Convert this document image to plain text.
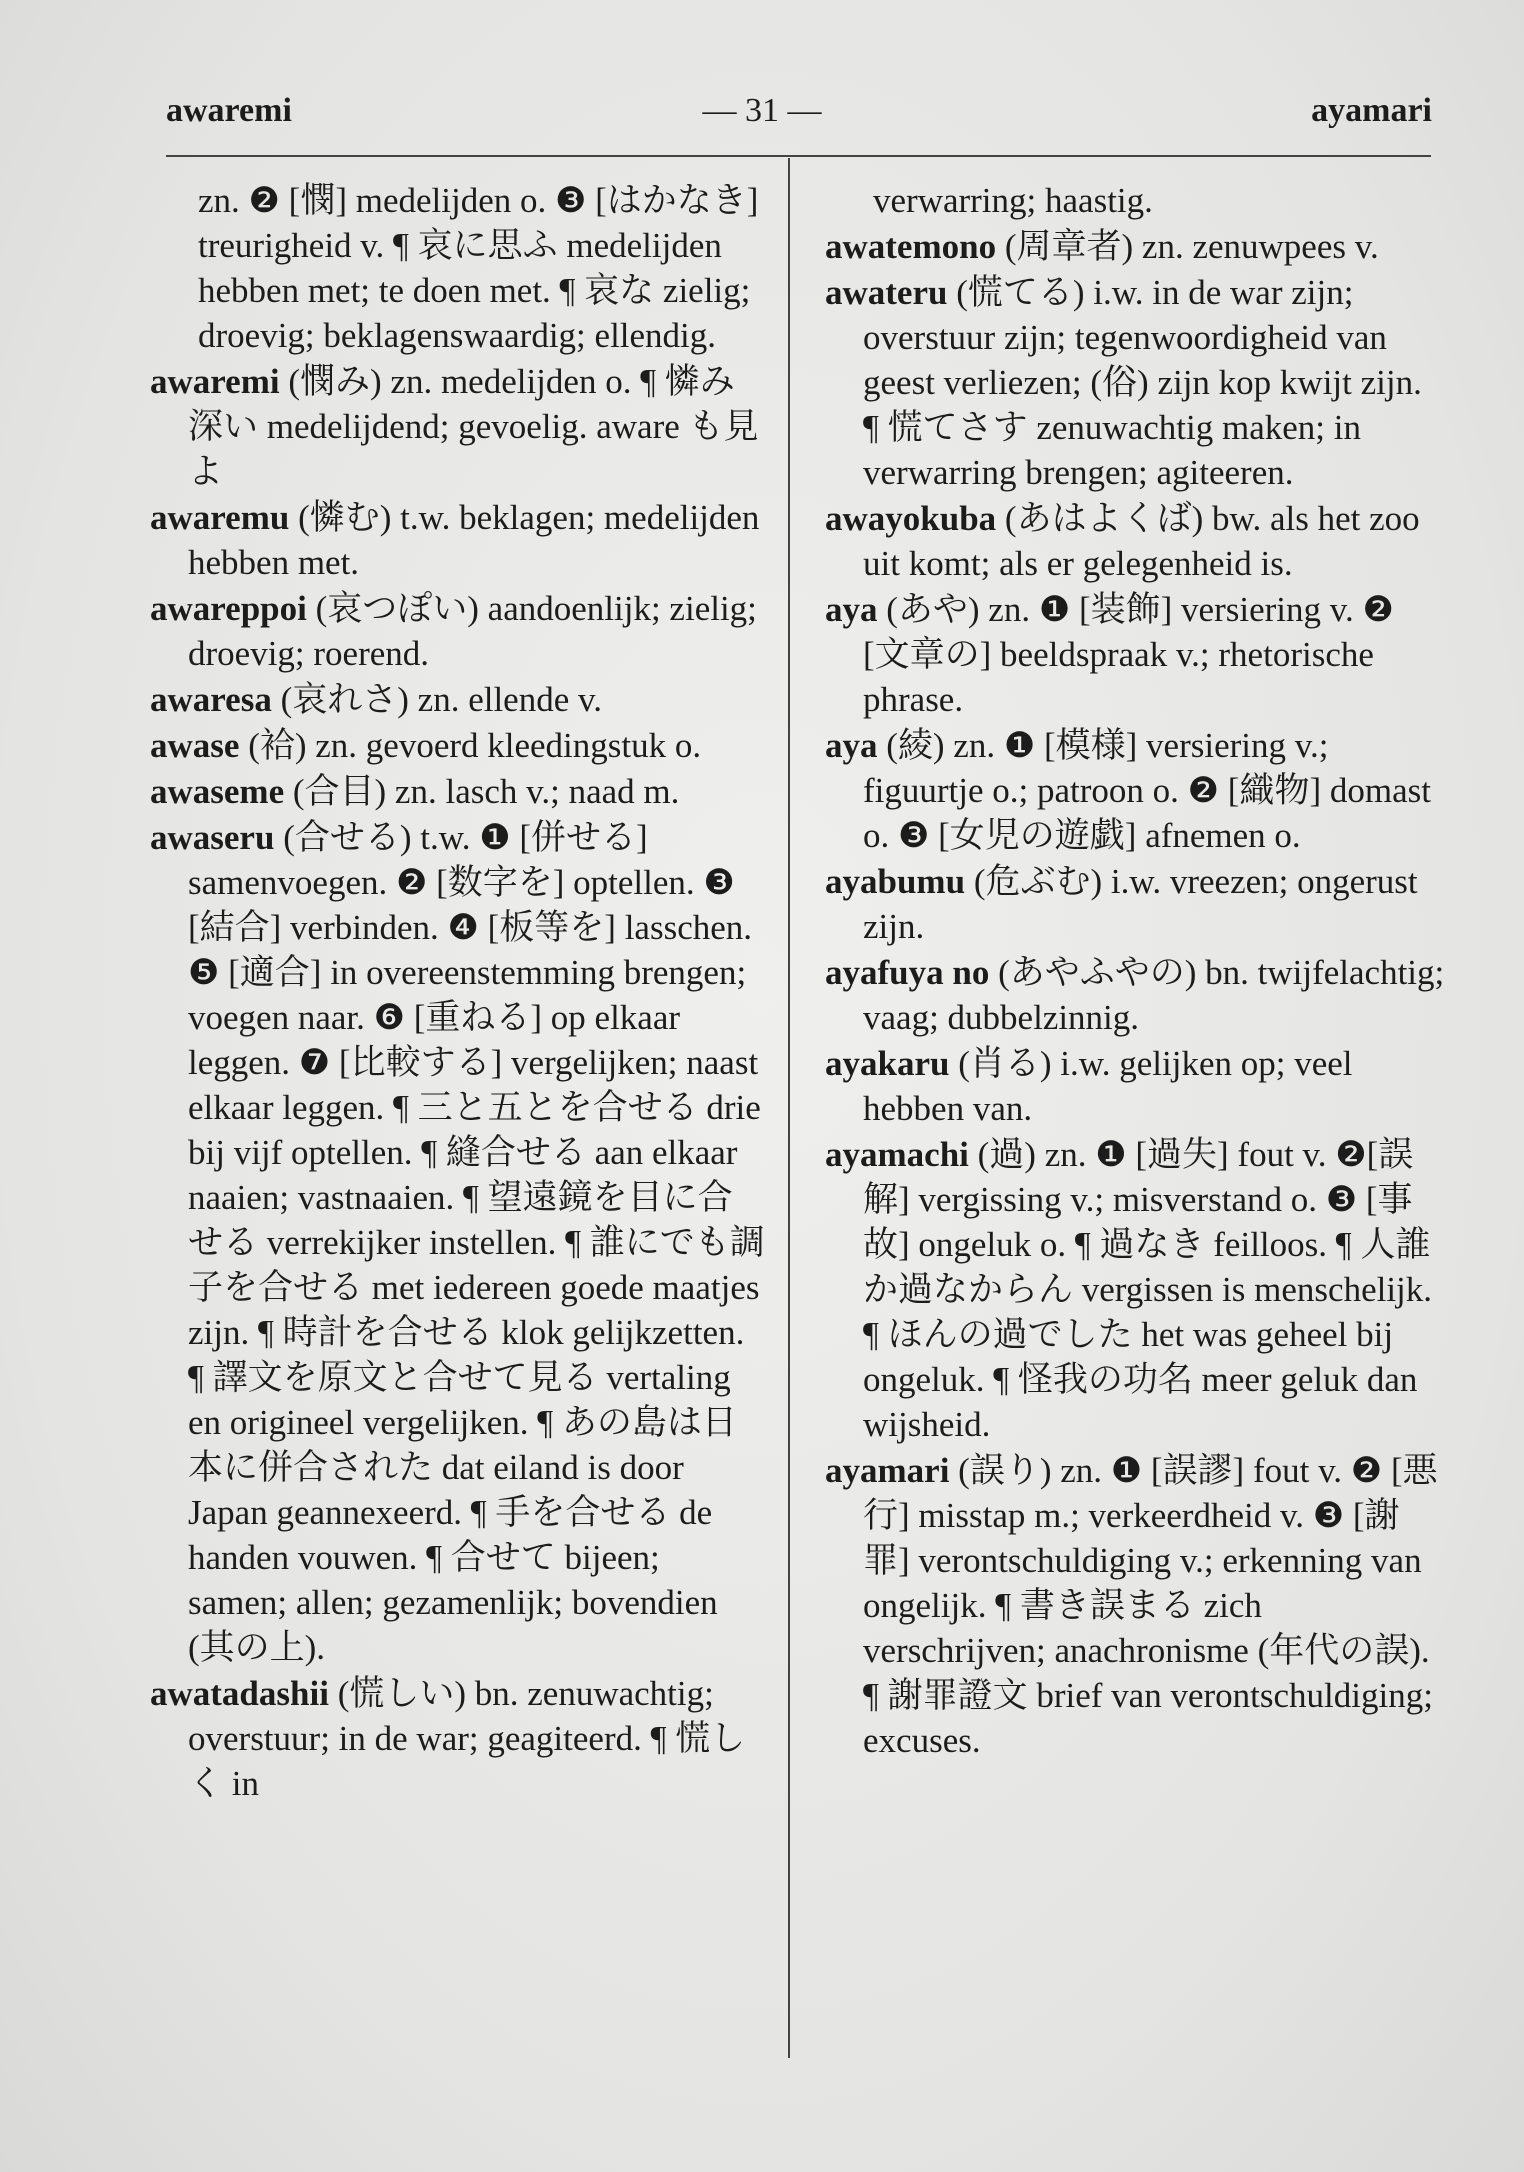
awaremi	— 31 —	ayamari
zn. ❷ [憫] medelijden o. ❸ [はかなき] treurigheid v. ¶ 哀に思ふ medelijden hebben met; te doen met. ¶ 哀な zielig; droevig; beklagenswaardig; ellendig.
awaremi (憫み) zn. medelijden o. ¶ 憐み深い medelijdend; gevoelig. aware も見よ
awaremu (憐む) t.w. beklagen; medelijden hebben met.
awareppoi (哀つぽい) aandoenlijk; zielig; droevig; roerend.
awaresa (哀れさ) zn. ellende v.
awase (袷) zn. gevoerd kleedingstuk o.
awaseme (合目) zn. lasch v.; naad m.
awaseru (合せる) t.w. ❶ [併せる] samenvoegen. ❷ [数字を] optellen. ❸ [結合] verbinden. ❹ [板等を] lasschen. ❺ [適合] in overeenstemming brengen; voegen naar. ❻ [重ねる] op elkaar leggen. ❼ [比較する] vergelijken; naast elkaar leggen. ¶ 三と五とを合せる drie bij vijf optellen. ¶ 縫合せる aan elkaar naaien; vastnaaien. ¶ 望遠鏡を目に合せる verrekijker instellen. ¶ 誰にでも調子を合せる met iedereen goede maatjes zijn. ¶ 時計を合せる klok gelijkzetten. ¶ 譯文を原文と合せて見る vertaling en origineel vergelijken. ¶ あの島は日本に併合された dat eiland is door Japan geannexeerd. ¶ 手を合せる de handen vouwen. ¶ 合せて bijeen; samen; allen; gezamenlijk; bovendien (其の上).
awatadashii (慌しい) bn. zenuwachtig; overstuur; in de war; geagiteerd. ¶ 慌しく in
verwarring; haastig.
awatemono (周章者) zn. zenuwpees v.
awateru (慌てる) i.w. in de war zijn; overstuur zijn; tegenwoordigheid van geest verliezen; (俗) zijn kop kwijt zijn. ¶ 慌てさす zenuwachtig maken; in verwarring brengen; agiteeren.
awayokuba (あはよくば) bw. als het zoo uit komt; als er gelegenheid is.
aya (あや) zn. ❶ [装飾] versiering v. ❷ [文章の] beeldspraak v.; rhetorische phrase.
aya (綾) zn. ❶ [模様] versiering v.; figuurtje o.; patroon o. ❷ [織物] domast o. ❸ [女児の遊戯] afnemen o.
ayabumu (危ぶむ) i.w. vreezen; ongerust zijn.
ayafuya no (あやふやの) bn. twijfelachtig; vaag; dubbelzinnig.
ayakaru (肖る) i.w. gelijken op; veel hebben van.
ayamachi (過) zn. ❶ [過失] fout v. ❷[誤解] vergissing v.; misverstand o. ❸ [事故] ongeluk o. ¶ 過なき feilloos. ¶ 人誰か過なからん vergissen is menschelijk. ¶ ほんの過でした het was geheel bij ongeluk. ¶ 怪我の功名 meer geluk dan wijsheid.
ayamari (誤り) zn. ❶ [誤謬] fout v. ❷ [悪行] misstap m.; verkeerdheid v. ❸ [謝罪] verontschuldiging v.; erkenning van ongelijk. ¶ 書き誤まる zich verschrijven; anachronisme (年代の誤). ¶ 謝罪證文 brief van verontschuldiging; excuses.
